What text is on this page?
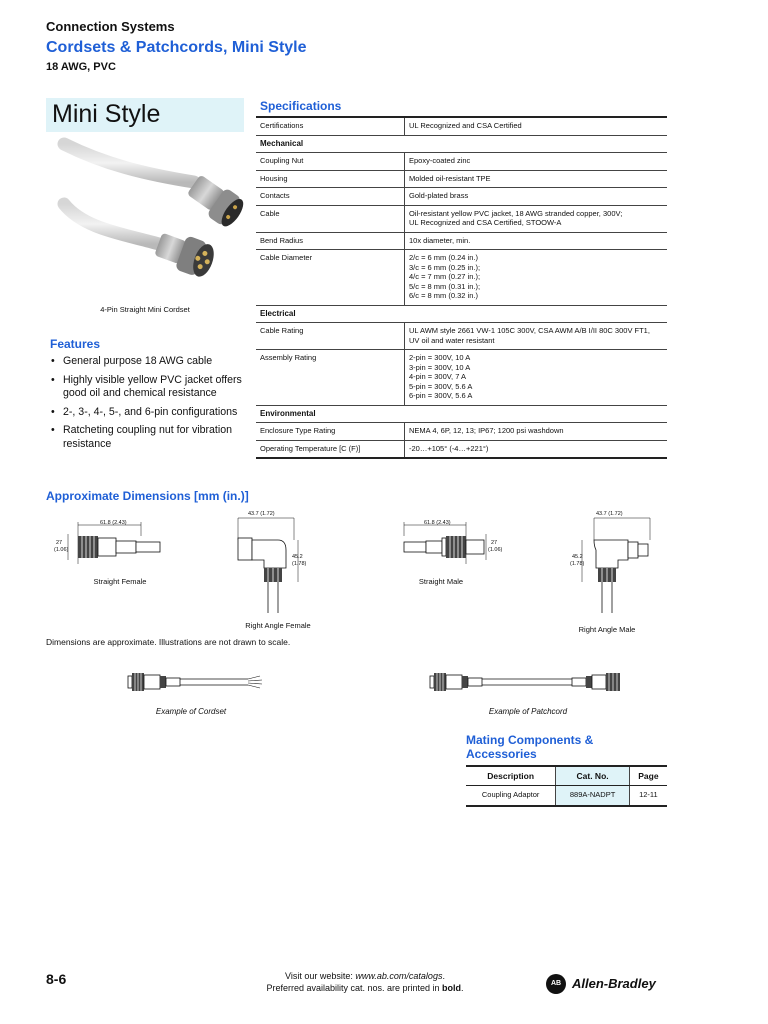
Connection Systems
Cordsets & Patchcords, Mini Style
18 AWG, PVC
Mini Style
4-Pin Straight Mini Cordset
Features
• General purpose 18 AWG cable
• Highly visible yellow PVC jacket offers good oil and chemical resistance
• 2-, 3-, 4-, 5-, and 6-pin configurations
• Ratcheting coupling nut for vibration resistance
Specifications
Certifications	UL Recognized and CSA Certified

Mechanical	
Coupling Nut	Epoxy-coated zinc

Housing	Molded oil-resistant TPE

Contacts	Gold-plated brass

Cable	Oil-resistant yellow PVC jacket, 18 AWG stranded copper, 300V;
UL Recognized and CSA Certified, STOOW-A

Bend Radius	10x diameter, min.

Cable Diameter	2/c = 6 mm (0.24 in.)
3/c = 6 mm (0.25 in.);
4/c = 7 mm (0.27 in.);
5/c = 8 mm (0.31 in.);
6/c = 8 mm (0.32 in.)

Electrical	
Cable Rating	UL AWM style 2661 VW-1 105C 300V, CSA AWM A/B I/II 80C 300V FT1,
UV oil and water resistant

Assembly Rating	2-pin = 300V, 10 A
3-pin = 300V, 10 A
4-pin = 300V, 7 A
5-pin = 300V, 5.6 A
6-pin = 300V, 5.6 A

Environmental	
Enclosure Type Rating	NEMA 4, 6P, 12, 13; IP67; 1200 psi washdown

Operating Temperature [C (F)]	-20…+105° (-4…+221°)
Approximate Dimensions [mm (in.)]
61.8 (2.43)
27
(1.06)
Straight Female
43.7 (1.72)
45.2
(1.78)
Right Angle Female
61.8 (2.43)
27
(1.06)
Straight Male
43.7 (1.72)
45.2
(1.78)
Right Angle Male
Dimensions are approximate. Illustrations are not drawn to scale.
Example of Cordset	Example of Patchcord
Mating Components & Accessories
Description	Cat. No.	Page
Coupling Adaptor	889A-NADPT	12-11
8-6	Visit our website: www.ab.com/catalogs.
Preferred availability cat. nos. are printed in bold.	AB Allen-Bradley
